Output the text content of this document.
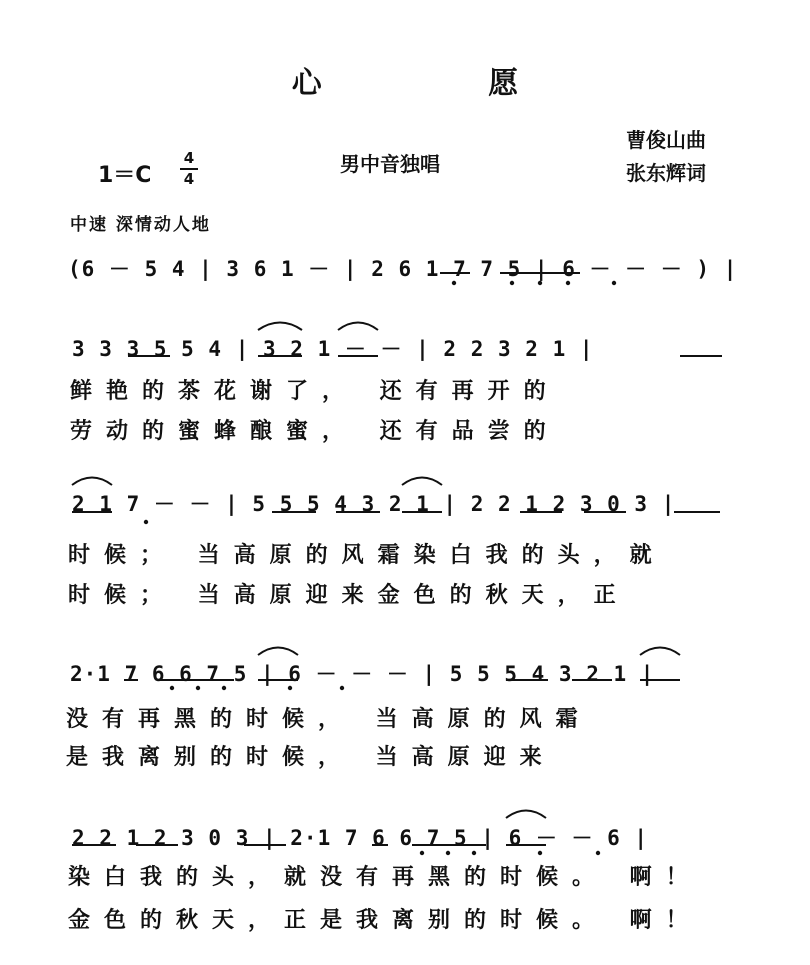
心 愿
1＝C
4
4
男中音独唱
曹俊山曲
张东辉词
中速 深情动人地
(6 － 5 4 | 3 6 1 － | 2 6 1 7 7 5 | 6 － － － ) |
3 3 3 5 5 4 | 3 2 1 － － | 2 2 3 2 1 |
鲜艳的茶花谢了， 还有再开的
劳动的蜜蜂酿蜜， 还有品尝的
2 1 7 － － | 5 5 5 4 3 2 1 | 2 2 1 2 3 0 3 |
时候； 当高原的风霜染白我的头，就
时候； 当高原迎来金色的秋天，正
2·1 7 6 6 7 5 | 6 － － － | 5 5 5 4 3 2 1 |
没有再黑的时候， 当高原的风霜
是我离别的时候， 当高原迎来
2 2 1 2 3 0 3 | 2·1 7 6 6 7 5 | 6 － － 6 |
染白我的头，就没有再黑的时候。 啊！
金色的秋天，正是我离别的时候。 啊！
